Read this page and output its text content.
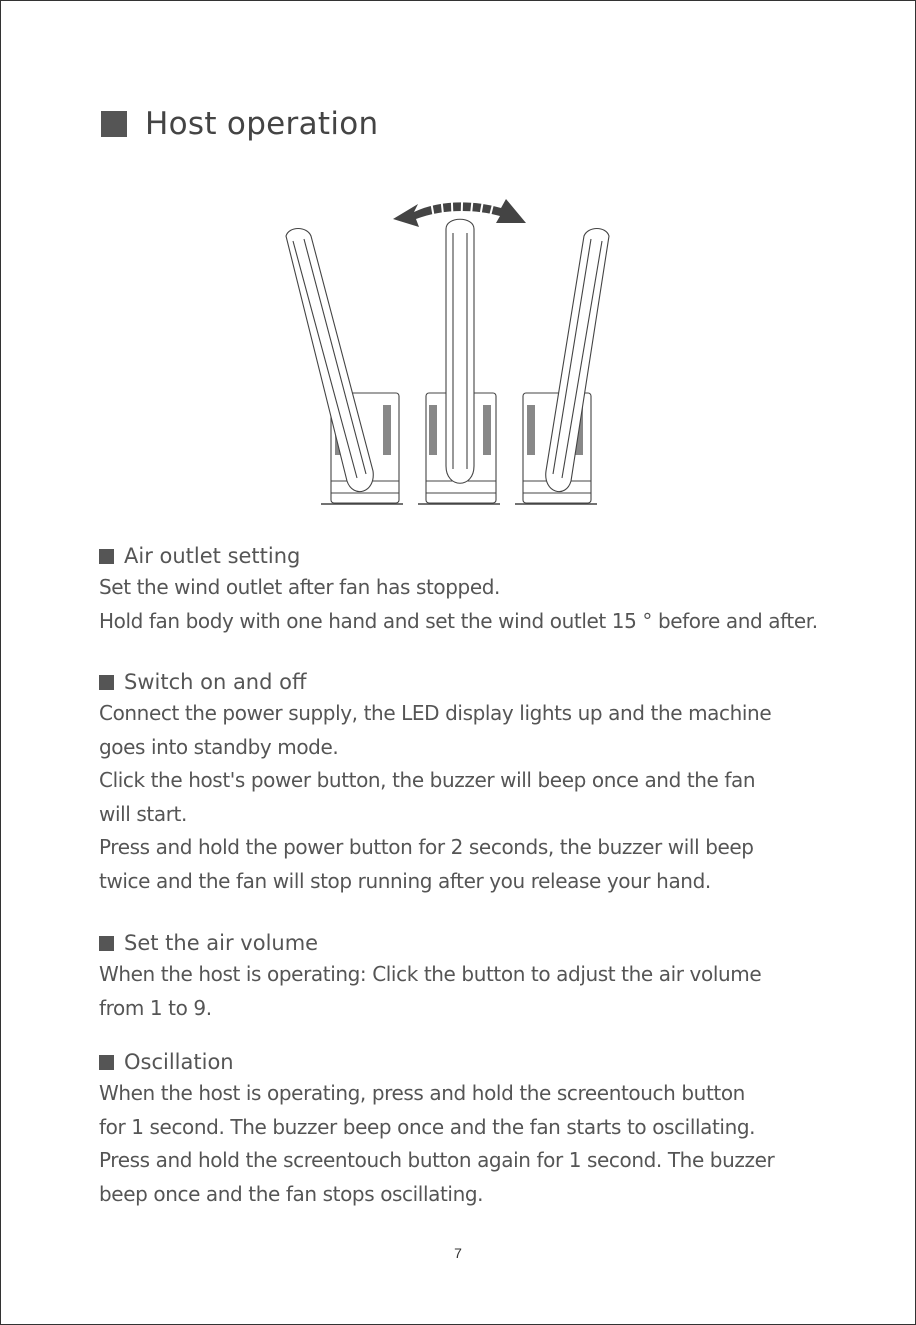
Host operation
Air outlet setting
Set the wind outlet after fan has stopped.
Hold fan body with one hand and set the wind outlet 15 ° before and after.
Switch on and off
Connect the power supply, the LED display lights up and the machine
goes into standby mode.
Click the host's power button, the buzzer will beep once and the fan
will start.
Press and hold the power button for 2 seconds, the buzzer will beep
twice and the fan will stop running after you release your hand.
Set the air volume
When the host is operating: Click the button to adjust the air volume
from 1 to 9.
Oscillation
When the host is operating, press and hold the screentouch button
for 1 second. The buzzer beep once and the fan starts to oscillating.
Press and hold the screentouch button again for 1 second. The buzzer
beep once and the fan stops oscillating.
7
